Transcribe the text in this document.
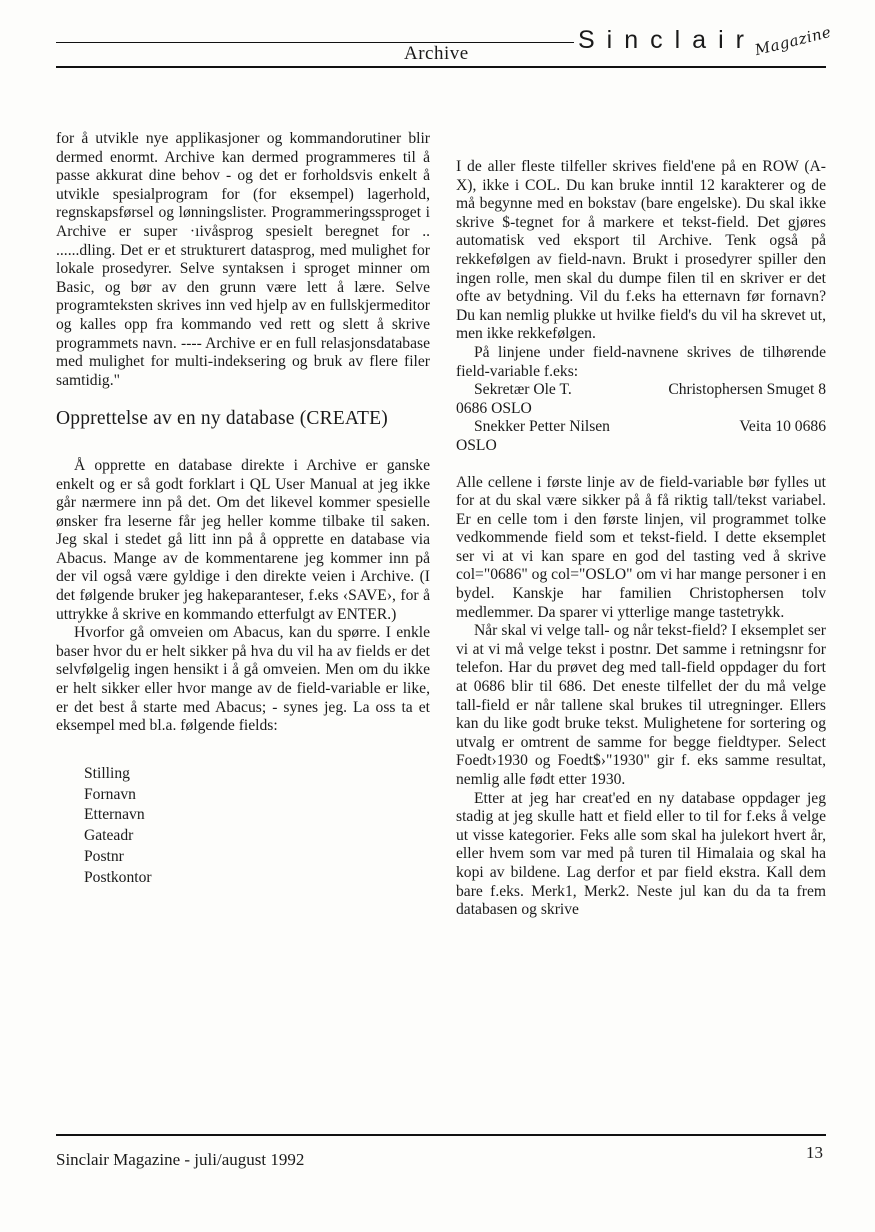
Archive	Sinclair
Magazine

for å utvikle nye applikasjoner og kommandorutiner blir dermed enormt. Archive kan dermed programmeres til å passe akkurat dine behov - og det er forholdsvis enkelt å utvikle spesialprogram for (for eksempel) lagerhold, regnskapsførsel og lønningslister. Programmeringssproget i Archive er super ·ıivåsprog spesielt beregnet for .. ......dling. Det er et strukturert datasprog, med mulighet for lokale prosedyrer. Selve syntaksen i sproget minner om Basic, og bør av den grunn være lett å lære. Selve programteksten skrives inn ved hjelp av en fullskjermeditor og kalles opp fra kommando ved rett og slett å skrive programmets navn. ---- Archive er en full relasjonsdatabase med mulighet for multi-indeksering og bruk av flere filer samtidig."

Opprettelse av en ny database (CREATE)

Å opprette en database direkte i Archive er ganske enkelt og er så godt forklart i QL User Manual at jeg ikke går nærmere inn på det. Om det likevel kommer spesielle ønsker fra leserne får jeg heller komme tilbake til saken. Jeg skal i stedet gå litt inn på å opprette en database via Abacus. Mange av de kommentarene jeg kommer inn på der vil også være gyldige i den direkte veien i Archive. (I det følgende bruker jeg hakeparanteser, f.eks ‹SAVE›, for å uttrykke å skrive en kommando etterfulgt av ENTER.)

Hvorfor gå omveien om Abacus, kan du spørre. I enkle baser hvor du er helt sikker på hva du vil ha av fields er det selvfølgelig ingen hensikt i å gå omveien. Men om du ikke er helt sikker eller hvor mange av de field-variable er like, er det best å starte med Abacus; - synes jeg. La oss ta et eksempel med bl.a. følgende fields:

Stilling
Fornavn
Etternavn
Gateadr
Postnr
Postkontor

I de aller fleste tilfeller skrives field'ene på en ROW (A-X), ikke i COL. Du kan bruke inntil 12 karakterer og de må begynne med en bokstav (bare engelske). Du skal ikke skrive $-tegnet for å markere et tekst-field. Det gjøres automatisk ved eksport til Archive. Tenk også på rekkefølgen av field-navn. Brukt i prosedyrer spiller den ingen rolle, men skal du dumpe filen til en skriver er det ofte av betydning. Vil du f.eks ha etternavn før fornavn? Du kan nemlig plukke ut hvilke field's du vil ha skrevet ut, men ikke rekkefølgen.

På linjene under field-navnene skrives de tilhørende field-variable f.eks:

Sekretær Ole T.	Christophersen Smuget 8

0686 OSLO

Snekker Petter Nilsen	Veita 10 0686

OSLO

Alle cellene i første linje av de field-variable bør fylles ut for at du skal være sikker på å få riktig tall/tekst variabel. Er en celle tom i den første linjen, vil programmet tolke vedkommende field som et tekst-field. I dette eksemplet ser vi at vi kan spare en god del tasting ved å skrive col="0686" og col="OSLO" om vi har mange personer i en bydel. Kanskje har familien Christophersen tolv medlemmer. Da sparer vi ytterlige mange tastetrykk.

Når skal vi velge tall- og når tekst-field? I eksemplet ser vi at vi må velge tekst i postnr. Det samme i retningsnr for telefon. Har du prøvet deg med tall-field oppdager du fort at 0686 blir til 686. Det eneste tilfellet der du må velge tall-field er når tallene skal brukes til utregninger. Ellers kan du like godt bruke tekst. Mulighetene for sortering og utvalg er omtrent de samme for begge fieldtyper. Select Foedt›1930 og Foedt$›"1930" gir f. eks samme resultat, nemlig alle født etter 1930.

Etter at jeg har creat'ed en ny database oppdager jeg stadig at jeg skulle hatt et field eller to til for f.eks å velge ut visse kategorier. Feks alle som skal ha julekort hvert år, eller hvem som var med på turen til Himalaia og skal ha kopi av bildene. Lag derfor et par field ekstra. Kall dem bare f.eks. Merk1, Merk2. Neste jul kan du da ta frem databasen og skrive

Sinclair Magazine - juli/august 1992	13
